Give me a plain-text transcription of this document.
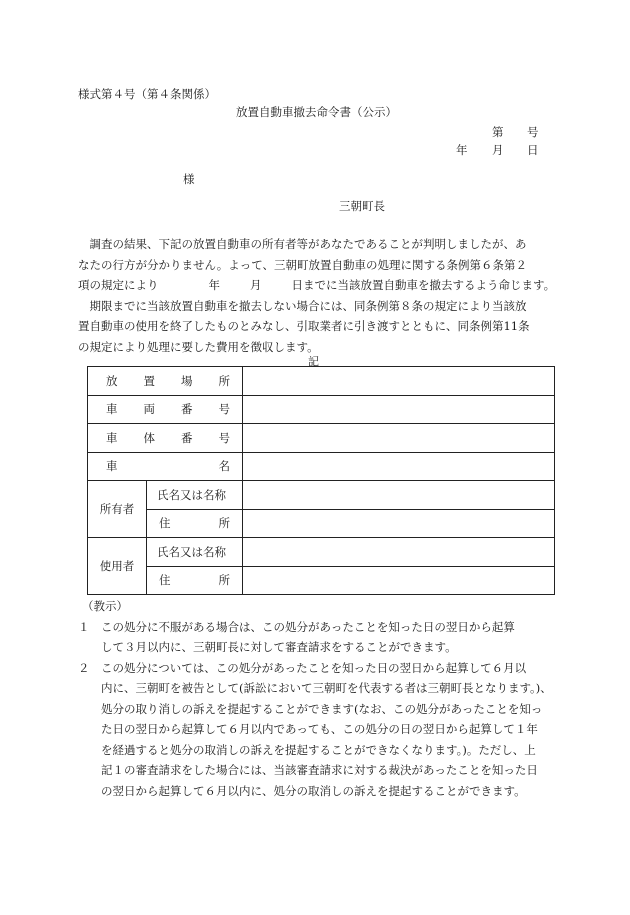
様式第４号（第４条関係）
放置自動車撤去命令書（公示）
第 号
年 月 日
様
三朝町長

調査の結果、下記の放置自動車の所有者等があなたであることが判明しましたが、あ

なたの行方が分かりません。よって、三朝町放置自動車の処理に関する条例第６条第２

項の規定により	年	月	日までに当該放置自動車を撤去するよう命じます。

期限までに当該放置自動車を撤去しない場合には、同条例第８条の規定により当該放

置自動車の使用を終了したものとみなし、引取業者に引き渡すとともに、同条例第11条

の規定により処理に要した費用を徴収します。

記
放 置 場 所		

車 両 番 号		

車 体 番 号		

車 名		

所有者	氏名又は名称	

	住 所	

使用者	氏名又は名称	

	住 所	

（教示）

１　この処分に不服がある場合は、この処分があったことを知った日の翌日から起算

して３月以内に、三朝町長に対して審査請求をすることができます。

２　この処分については、この処分があったことを知った日の翌日から起算して６月以

内に、三朝町を被告として(訴訟において三朝町を代表する者は三朝町長となります。)、

処分の取り消しの訴えを提起することができます(なお、この処分があったことを知っ

た日の翌日から起算して６月以内であっても、この処分の日の翌日から起算して１年

を経過すると処分の取消しの訴えを提起することができなくなります。)。ただし、上

記１の審査請求をした場合には、当該審査請求に対する裁決があったことを知った日

の翌日から起算して６月以内に、処分の取消しの訴えを提起することができます。
